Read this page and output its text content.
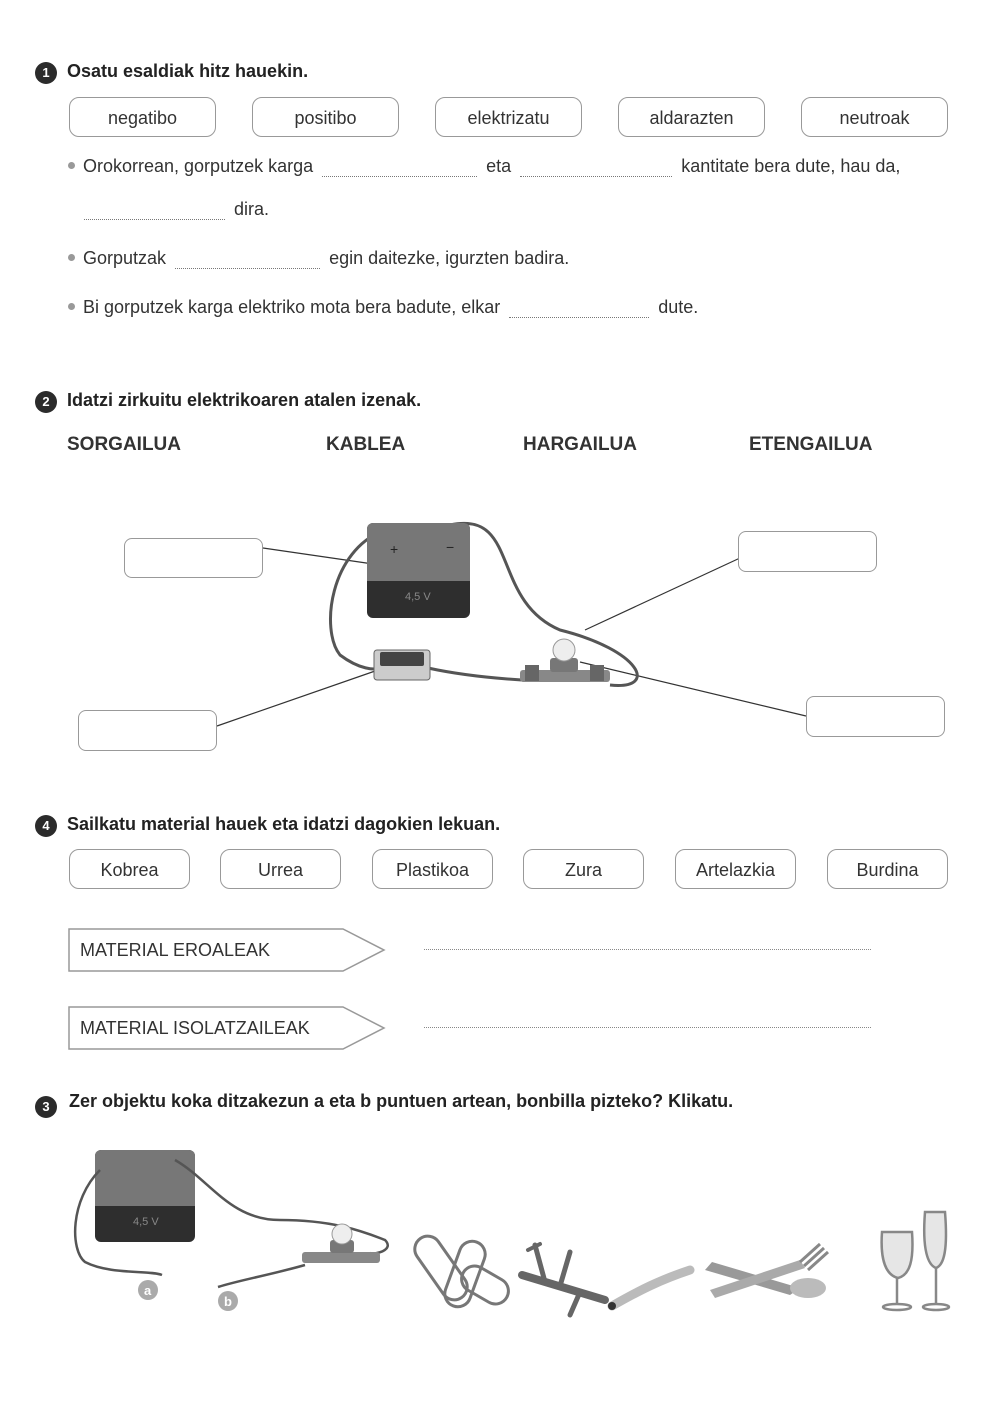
1 Osatu esaldiak hitz hauekin.
negatibo	positibo	elektrizatu	aldarazten	neutroak
Orokorrean, gorputzek karga	eta	kantitate bera dute, hau da,
dira.
Gorputzak	egin daitezke, igurzten badira.
Bi gorputzek karga elektriko mota bera badute, elkar	dute.
2 Idatzi zirkuitu elektrikoaren atalen izenak.
SORGAILUA	KABLEA	HARGAILUA	ETENGAILUA
+	−
4,5 V
4 Sailkatu material hauek eta idatzi dagokien lekuan.
Kobrea	Urrea	Plastikoa	Zura	Artelazkia	Burdina
MATERIAL EROALEAK
MATERIAL ISOLATZAILEAK
3	Zer objektu koka ditzakezun a eta b puntuen artean, bonbilla pizteko? Klikatu.
4,5 V
a
b
